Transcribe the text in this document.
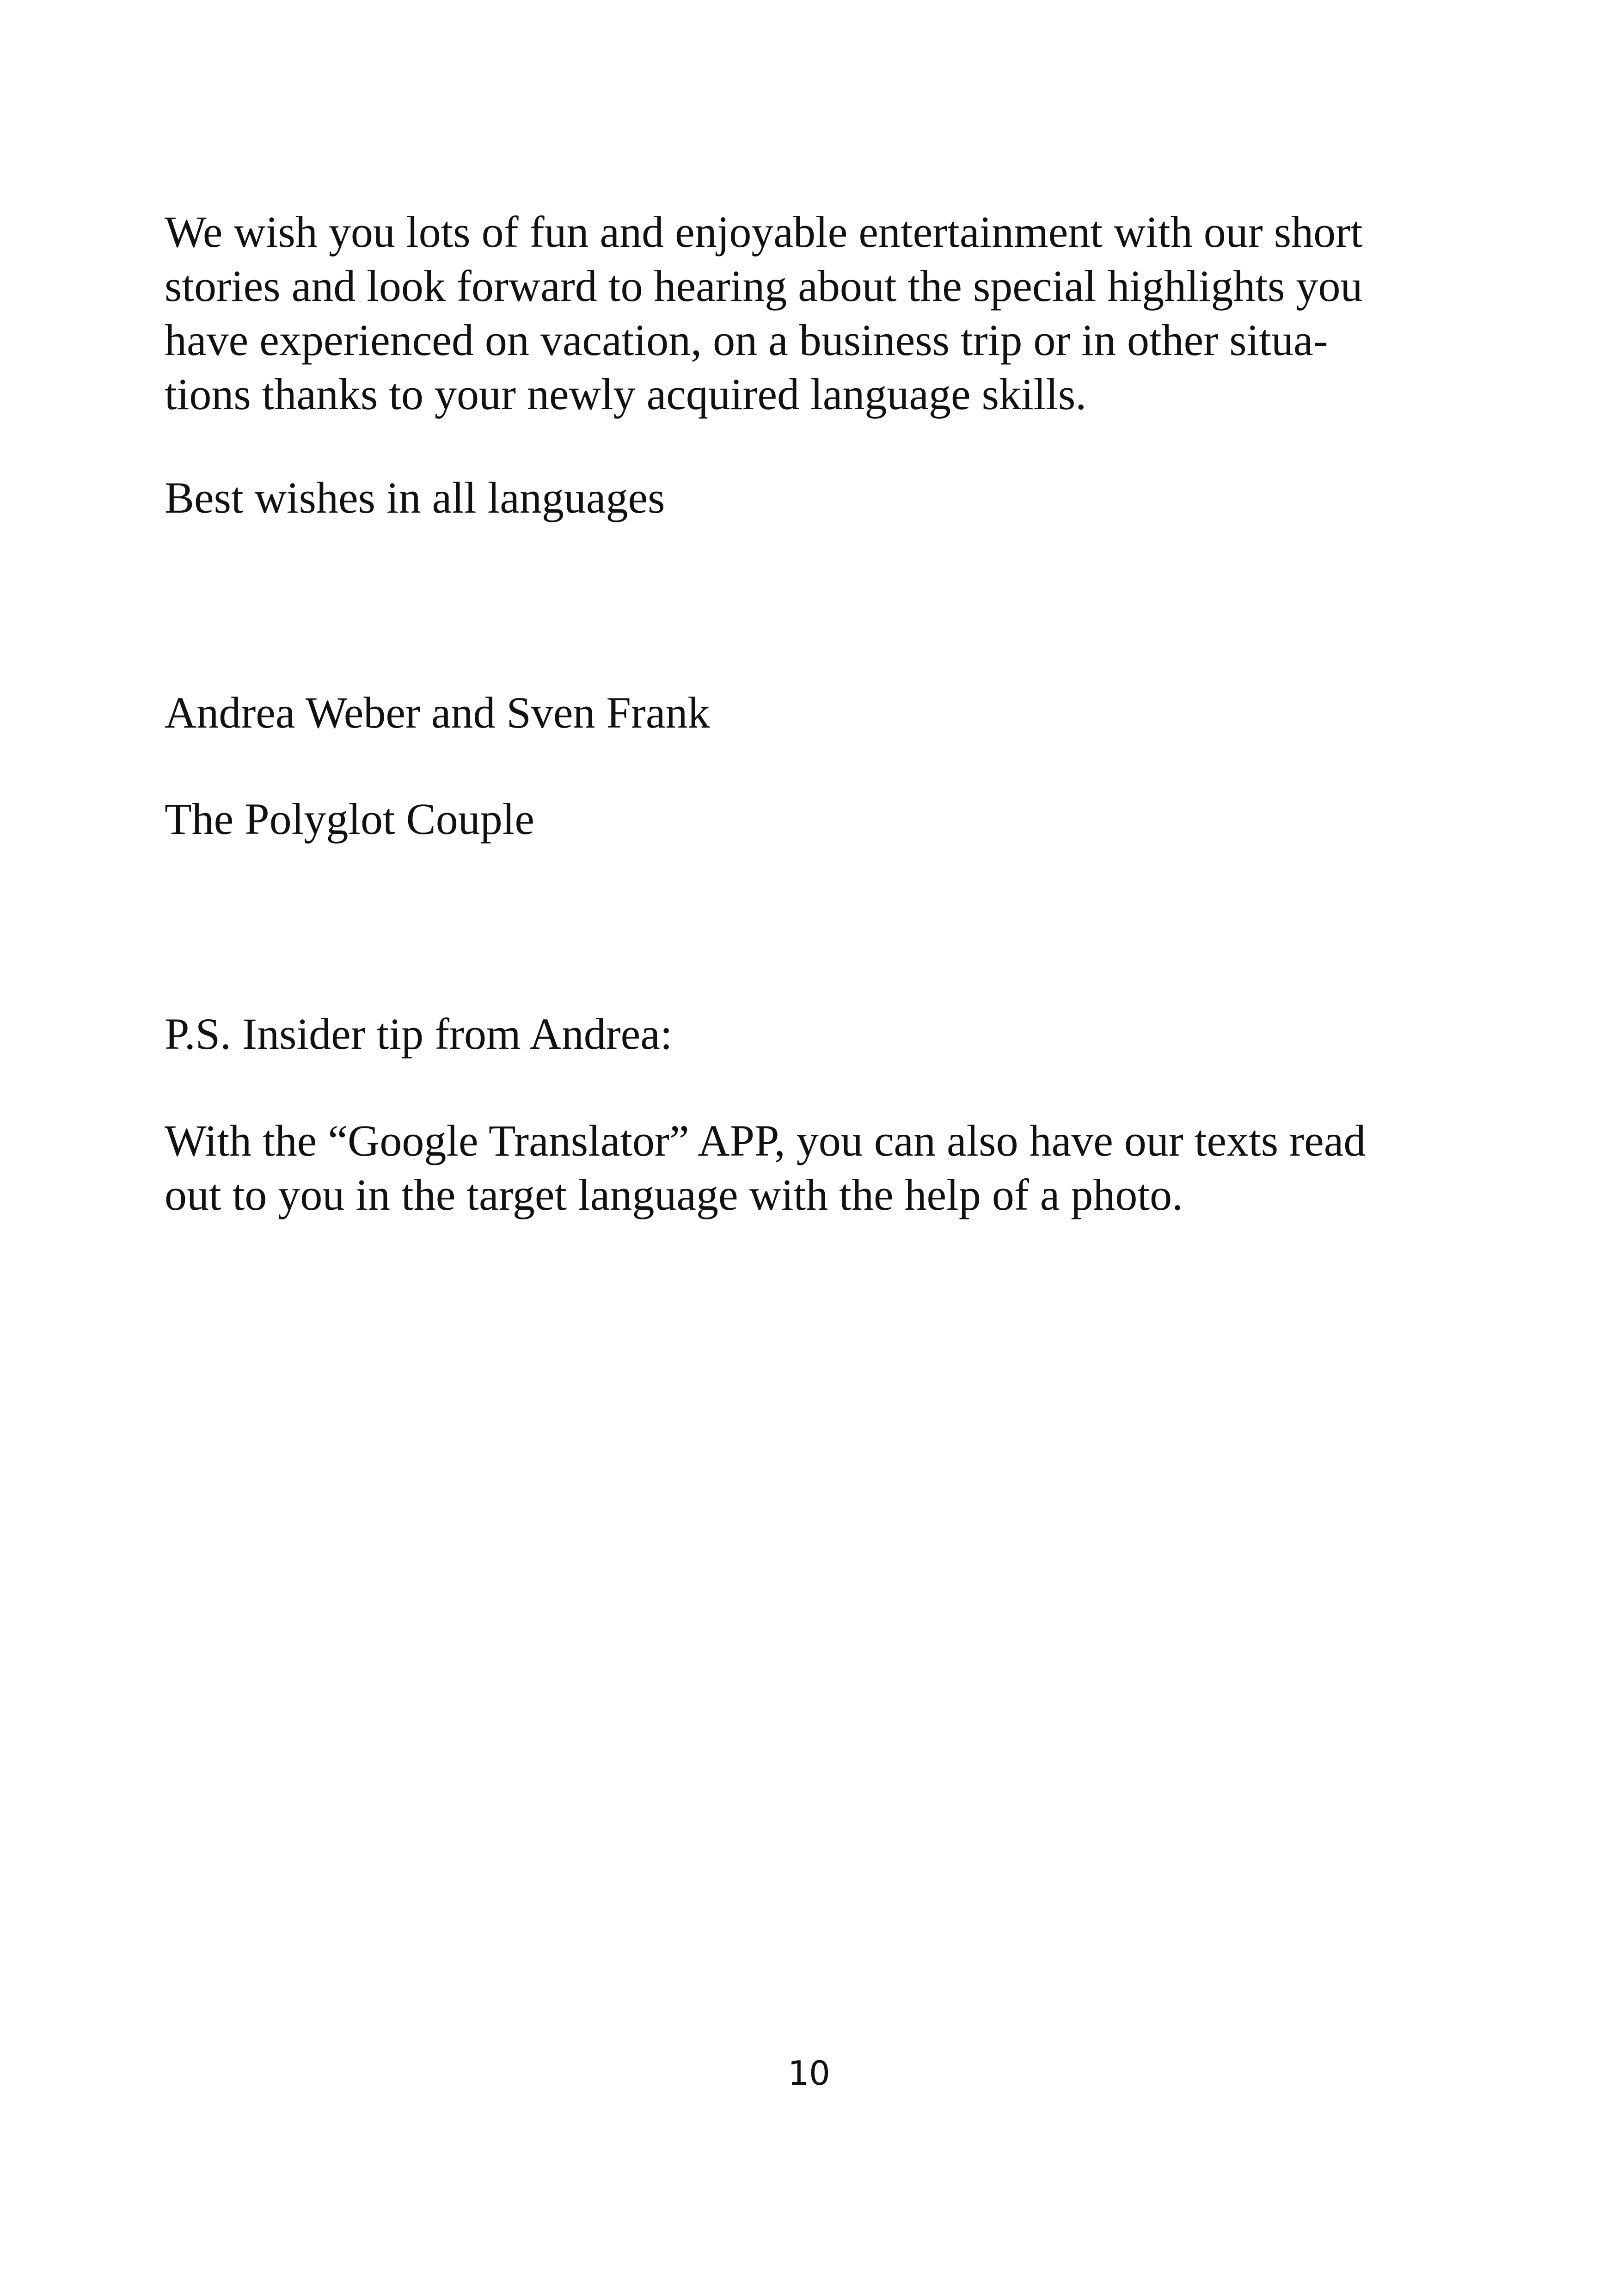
We wish you lots of fun and enjoyable entertainment with our short
stories and look forward to hearing about the special highlights you
have experienced on vacation, on a business trip or in other situa-
tions thanks to your newly acquired language skills.

Best wishes in all languages

Andrea Weber and Sven Frank

The Polyglot Couple

P.S. Insider tip from Andrea:

With the “Google Translator” APP, you can also have our texts read
out to you in the target language with the help of a photo.

10
